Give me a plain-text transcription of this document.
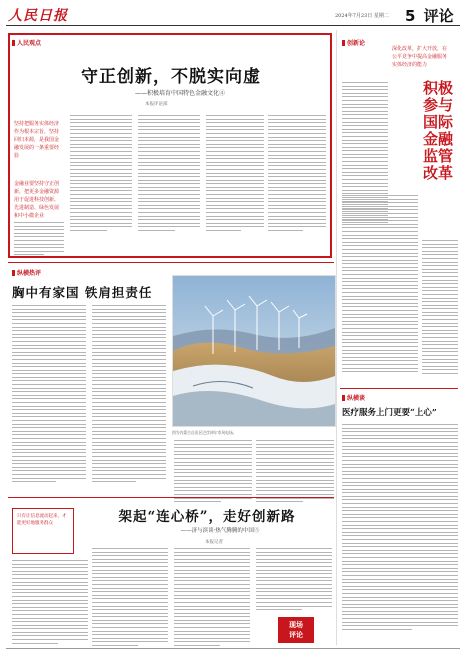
人民日报	2024年7月23日 星期二 5 评论
人民观点
守正创新，不脱实向虚
——积极培育中国特色金融文化④
本报评论部
坚持把服务实体经济作为根本宗旨，坚持回归本源，是我国金融发展的一条重要经验
金融业要坚持守正创新，把更多金融资源用于促进科技创新、先进制造、绿色发展和中小微企业
创新论
深化改革，扩大开放，在公平竞争中提高金融服务实体经济的能力
积极参与国际金融监管改革
纵横热评
胸中有家国 铁肩担责任
图为内蒙古自治区巴彦淖尔市风电场。
纵横谈
医疗服务上门更要“上心”
只有让信息流动起来，才能更好地服务群众	架起“连心桥”，走好创新路
——济与滨谈·热气腾腾的中国⑤
本报记者
现场
评论
